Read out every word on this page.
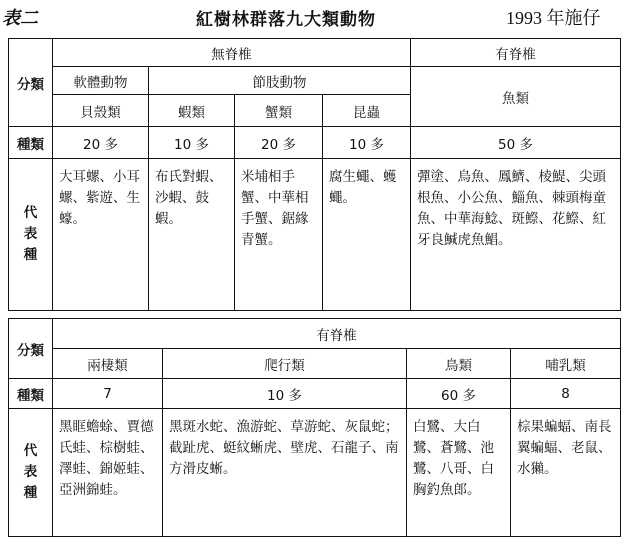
表二	紅樹林群落九大類動物	1993 年施仔
分類	無脊椎				有脊椎
	軟體動物	節肢動物			魚類
	貝殼類	蝦類	蟹類	昆蟲	
種類	20 多	10 多	20 多	10 多	50 多
代表種	大耳螺、小耳螺、紫遊、生蠔。	布氏對蝦、沙蝦、鼓蝦。	米埔相手蟹、中華相手蟹、鋸緣青蟹。	腐生蠅、蠖蠅。	彈塗、烏魚、鳳鱭、棱鯷、尖頭根魚、小公魚、鯔魚、棘頭梅童魚、中華海鯰、斑鰶、花鰶、紅牙良鰔虎魚鯧。
分類	有脊椎			
	兩棲類	爬行類	鳥類	哺乳類
種類	7	10 多	60 多	8
代表種	黑眶蟾蜍、賈德氏蛙、棕樹蛙、澤蛙、錦姬蛙、亞洲錦蛙。	黑斑水蛇、漁游蛇、草游蛇、灰鼠蛇；截趾虎、蜓紋蜥虎、壁虎、石龍子、南方滑皮蜥。	白鷺、大白鷺、蒼鷺、池鷺、八哥、白胸釣魚郎。	棕果蝙蝠、南長翼蝙蝠、老鼠、水獺。
